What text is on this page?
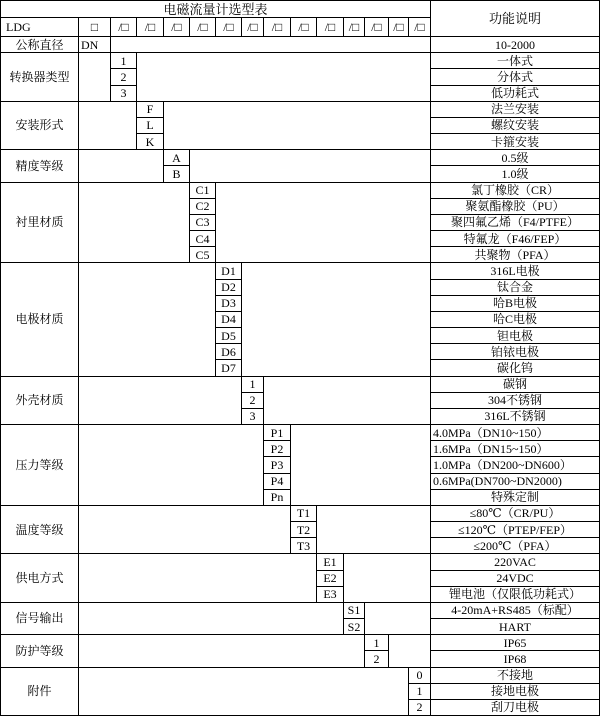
电磁流量计选型表
功能说明
LDG	□	/□	/□	/□	/□	/□	/□	/□	/□	/□	/□ /□ /□ /□
公称直径	DN	10-2000
转换器类型
1	一体式
2	分体式
3	低功耗式
安装形式
F	法兰安装
L	螺纹安装
K	卡箍安装
精度等级
A	0.5级
B	1.0级
衬里材质
C1	氯丁橡胶（CR）
C2	聚氨酯橡胶（PU）
C3	聚四氟乙烯（F4/PTFE）
C4	特氟龙（F46/FEP）
C5	共聚物（PFA）
电极材质
D1	316L电极
D2	钛合金
D3	哈B电极
D4	哈C电极
D5	钽电极
D6	铂铱电极
D7	碳化钨
外壳材质
1	碳钢
2	304不锈钢
3	316L不锈钢
压力等级
P1	4.0MPa（DN10~150）
P2	1.6MPa（DN15~150）
P3	1.0MPa（DN200~DN600）
P4	0.6MPa(DN700~DN2000)
Pn	特殊定制
温度等级
T1	≤80℃（CR/PU）
T2	≤120℃（PTEP/FEP）
T3	≤200℃（PFA）
供电方式
E1	220VAC
E2	24VDC
E3	锂电池（仅限低功耗式）
信号输出
S1	4-20mA+RS485（标配）
S2	HART
防护等级
1	IP65
2	IP68
附件
0	不接地
1	接地电极
2	刮刀电极
